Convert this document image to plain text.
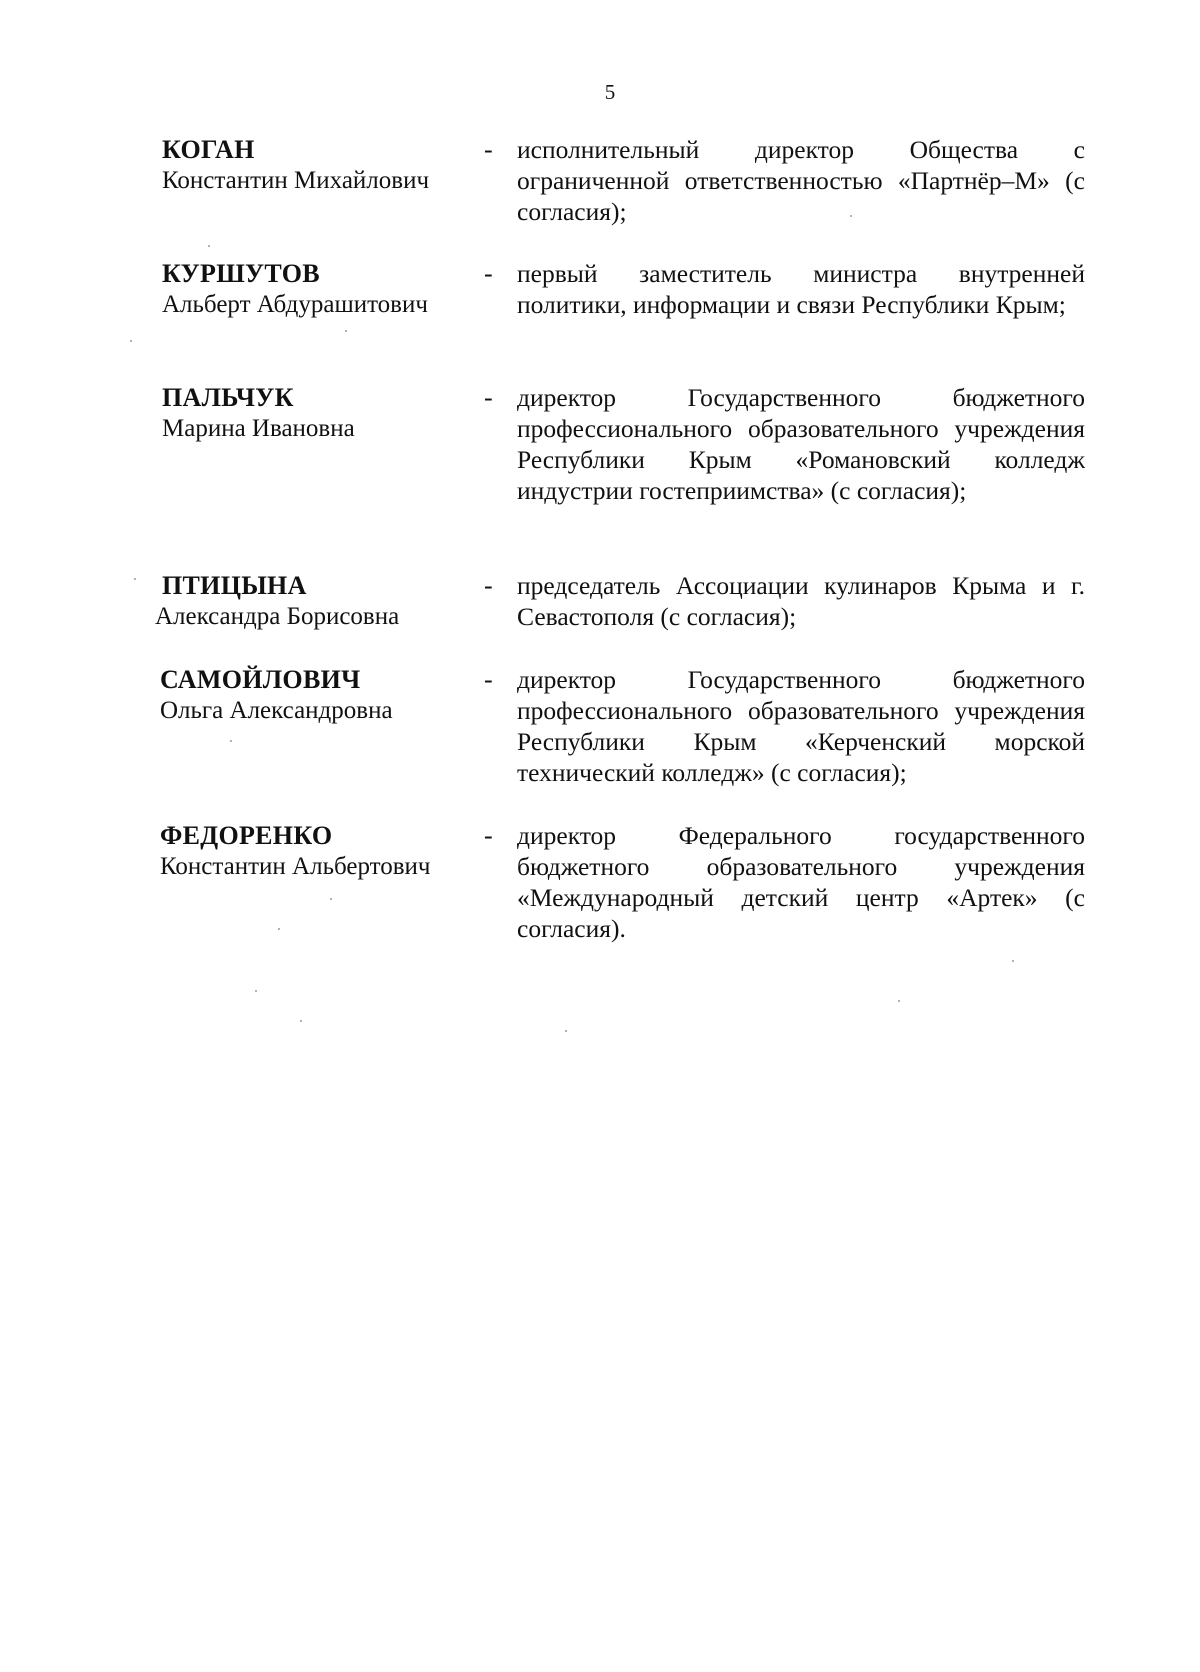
5
КОГАН
Константин Михайлович
- исполнительный директор Общества с ограниченной ответственностью «Партнёр–М» (с согласия);
КУРШУТОВ
Альберт Абдурашитович
- первый заместитель министра внутренней политики, информации и связи Республики Крым;
ПАЛЬЧУК
Марина Ивановна
- директор Государственного бюджетного профессионального образовательного учреждения Республики Крым «Романовский колледж индустрии гостеприимства» (с согласия);
ПТИЦЫНА
Александра Борисовна
- председатель Ассоциации кулинаров Крыма и г. Севастополя (с согласия);
САМОЙЛОВИЧ
Ольга Александровна
- директор Государственного бюджетного профессионального образовательного учреждения Республики Крым «Керченский морской технический колледж» (с согласия);
ФЕДОРЕНКО
Константин Альбертович
- директор Федерального государственного бюджетного образовательного учреждения «Международный детский центр «Артек» (с согласия).
